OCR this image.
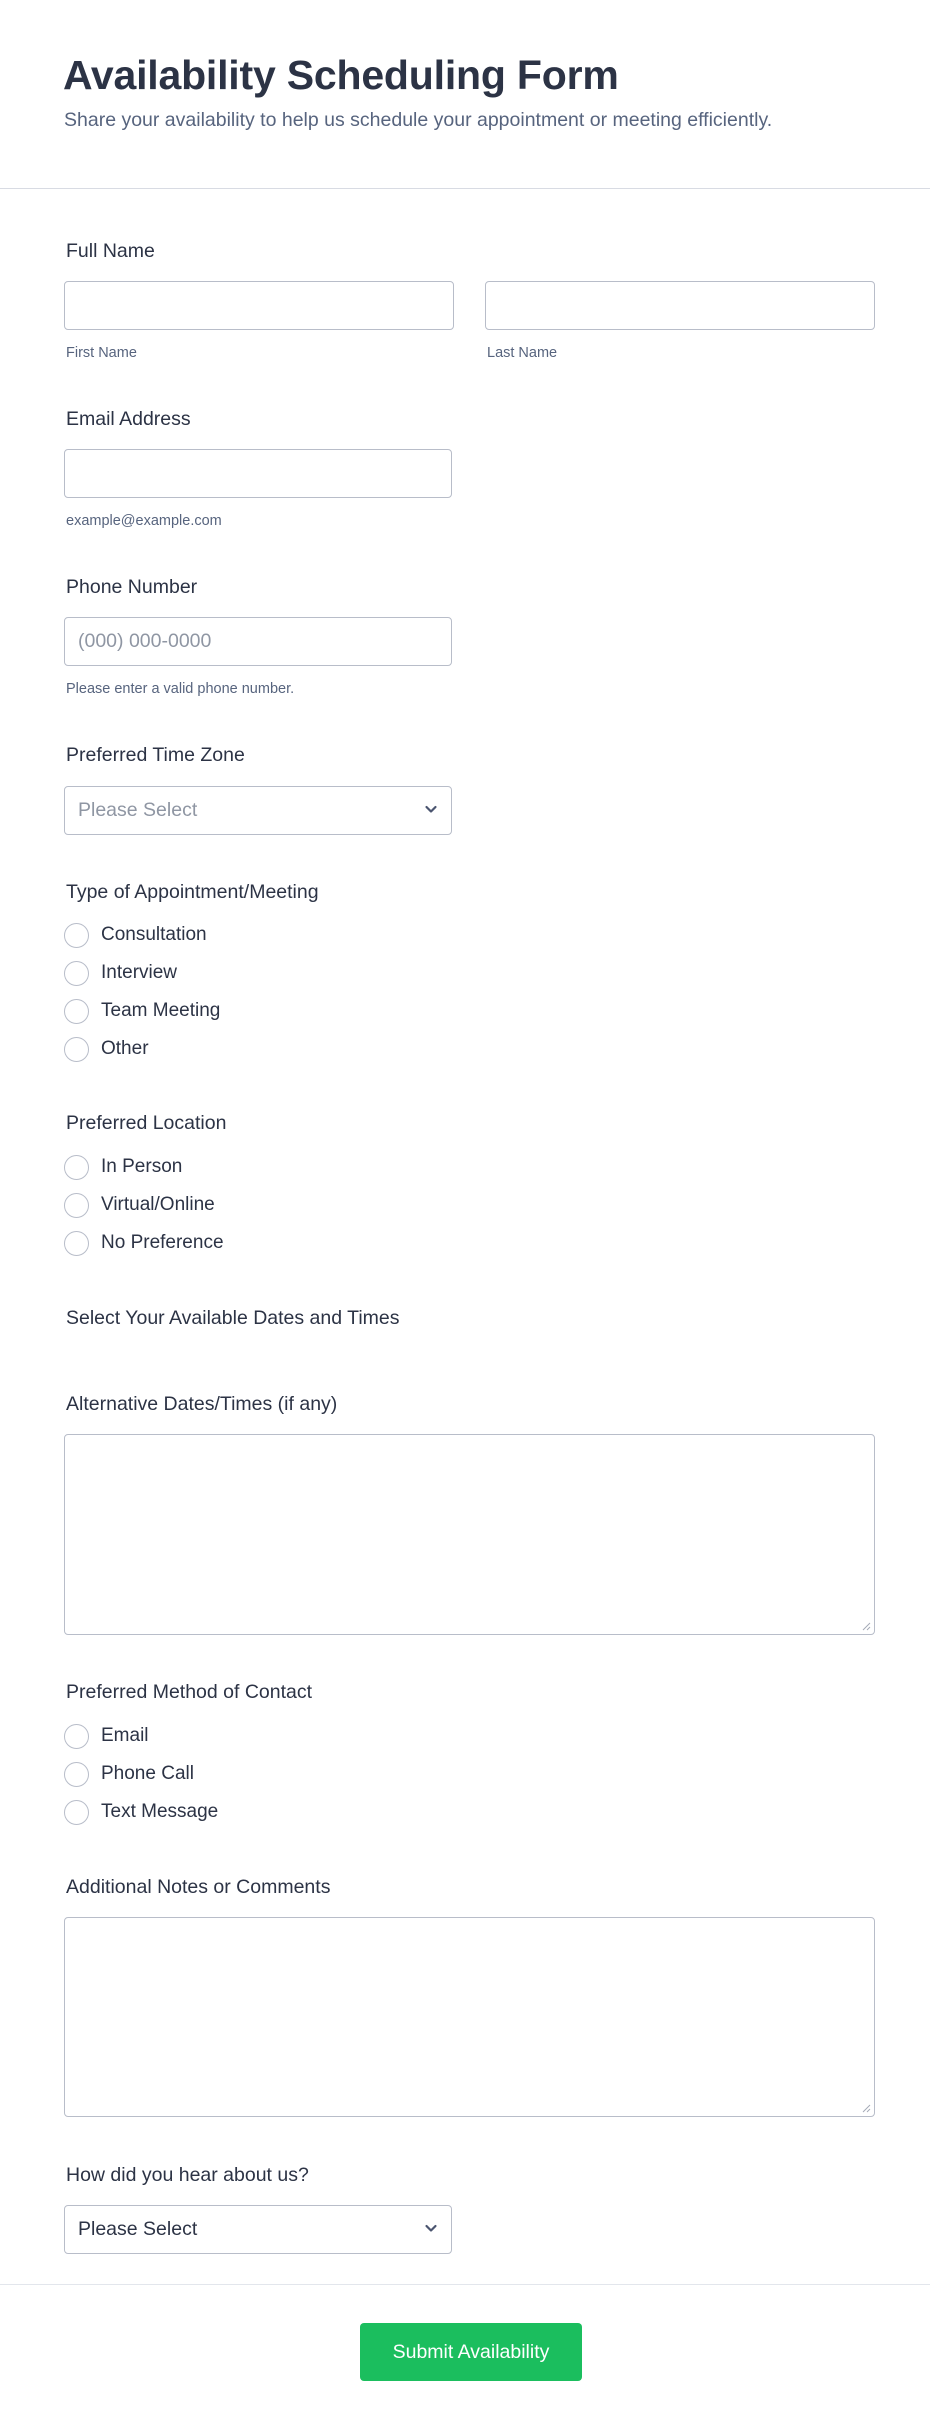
Availability Scheduling Form

Share your availability to help us schedule your appointment or meeting efficiently.

Full Name
First Name	Last Name
Email Address
example@example.com
Phone Number
(000) 000-0000
Please enter a valid phone number.
Preferred Time Zone
Please Select
Type of Appointment/Meeting
Consultation
Interview
Team Meeting
Other
Preferred Location
In Person
Virtual/Online
No Preference
Select Your Available Dates and Times
Alternative Dates/Times (if any)
Preferred Method of Contact
Email
Phone Call
Text Message
Additional Notes or Comments
How did you hear about us?
Please Select
Submit Availability
